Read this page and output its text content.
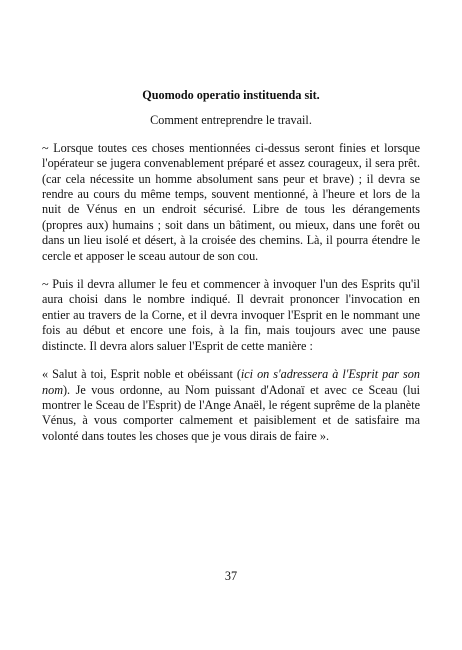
Quomodo operatio instituenda sit.

Comment entreprendre le travail.

~ Lorsque toutes ces choses mentionnées ci-dessus seront finies et lorsque l'opérateur se jugera convenablement préparé et assez courageux, il sera prêt. (car cela nécessite un homme absolument sans peur et brave) ; il devra se rendre au cours du même temps, souvent mentionné, à l'heure et lors de la nuit de Vénus en un endroit sécurisé. Libre de tous les dérangements (propres aux) humains ; soit dans un bâtiment, ou mieux, dans une forêt ou dans un lieu isolé et désert, à la croisée des chemins. Là, il pourra étendre le cercle et apposer le sceau autour de son cou.

~ Puis il devra allumer le feu et commencer à invoquer l'un des Esprits qu'il aura choisi dans le nombre indiqué. Il devrait prononcer l'invocation en entier au travers de la Corne, et il devra invoquer l'Esprit en le nommant une fois au début et encore une fois, à la fin, mais toujours avec une pause distincte. Il devra alors saluer l'Esprit de cette manière :

« Salut à toi, Esprit noble et obéissant (ici on s'adressera à l'Esprit par son nom). Je vous ordonne, au Nom puissant d'Adonaï et avec ce Sceau (lui montrer le Sceau de l'Esprit) de l'Ange Anaël, le régent suprême de la planète Vénus, à vous comporter calmement et paisiblement et de satisfaire ma volonté dans toutes les choses que je vous dirais de faire ».

37
